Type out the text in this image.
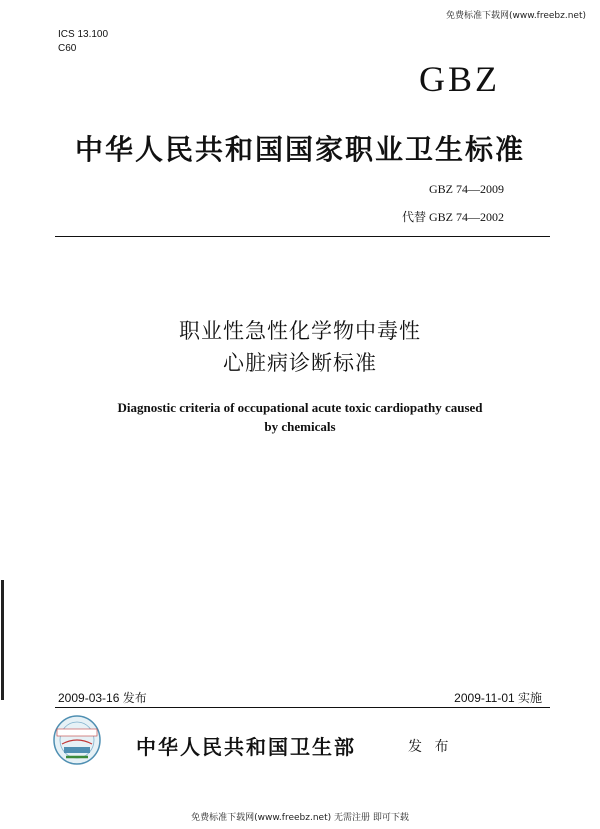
免费标准下载网(www.freebz.net)
ICS 13.100
C60
GBZ
中华人民共和国国家职业卫生标准
GBZ 74—2009
代替 GBZ 74—2002
职业性急性化学物中毒性
心脏病诊断标准
Diagnostic criteria of occupational acute toxic cardiopathy caused
by chemicals
2009-03-16 发布	2009-11-01 实施
中华人民共和国卫生部	发 布
免费标准下载网(www.freebz.net) 无需注册 即可下载
